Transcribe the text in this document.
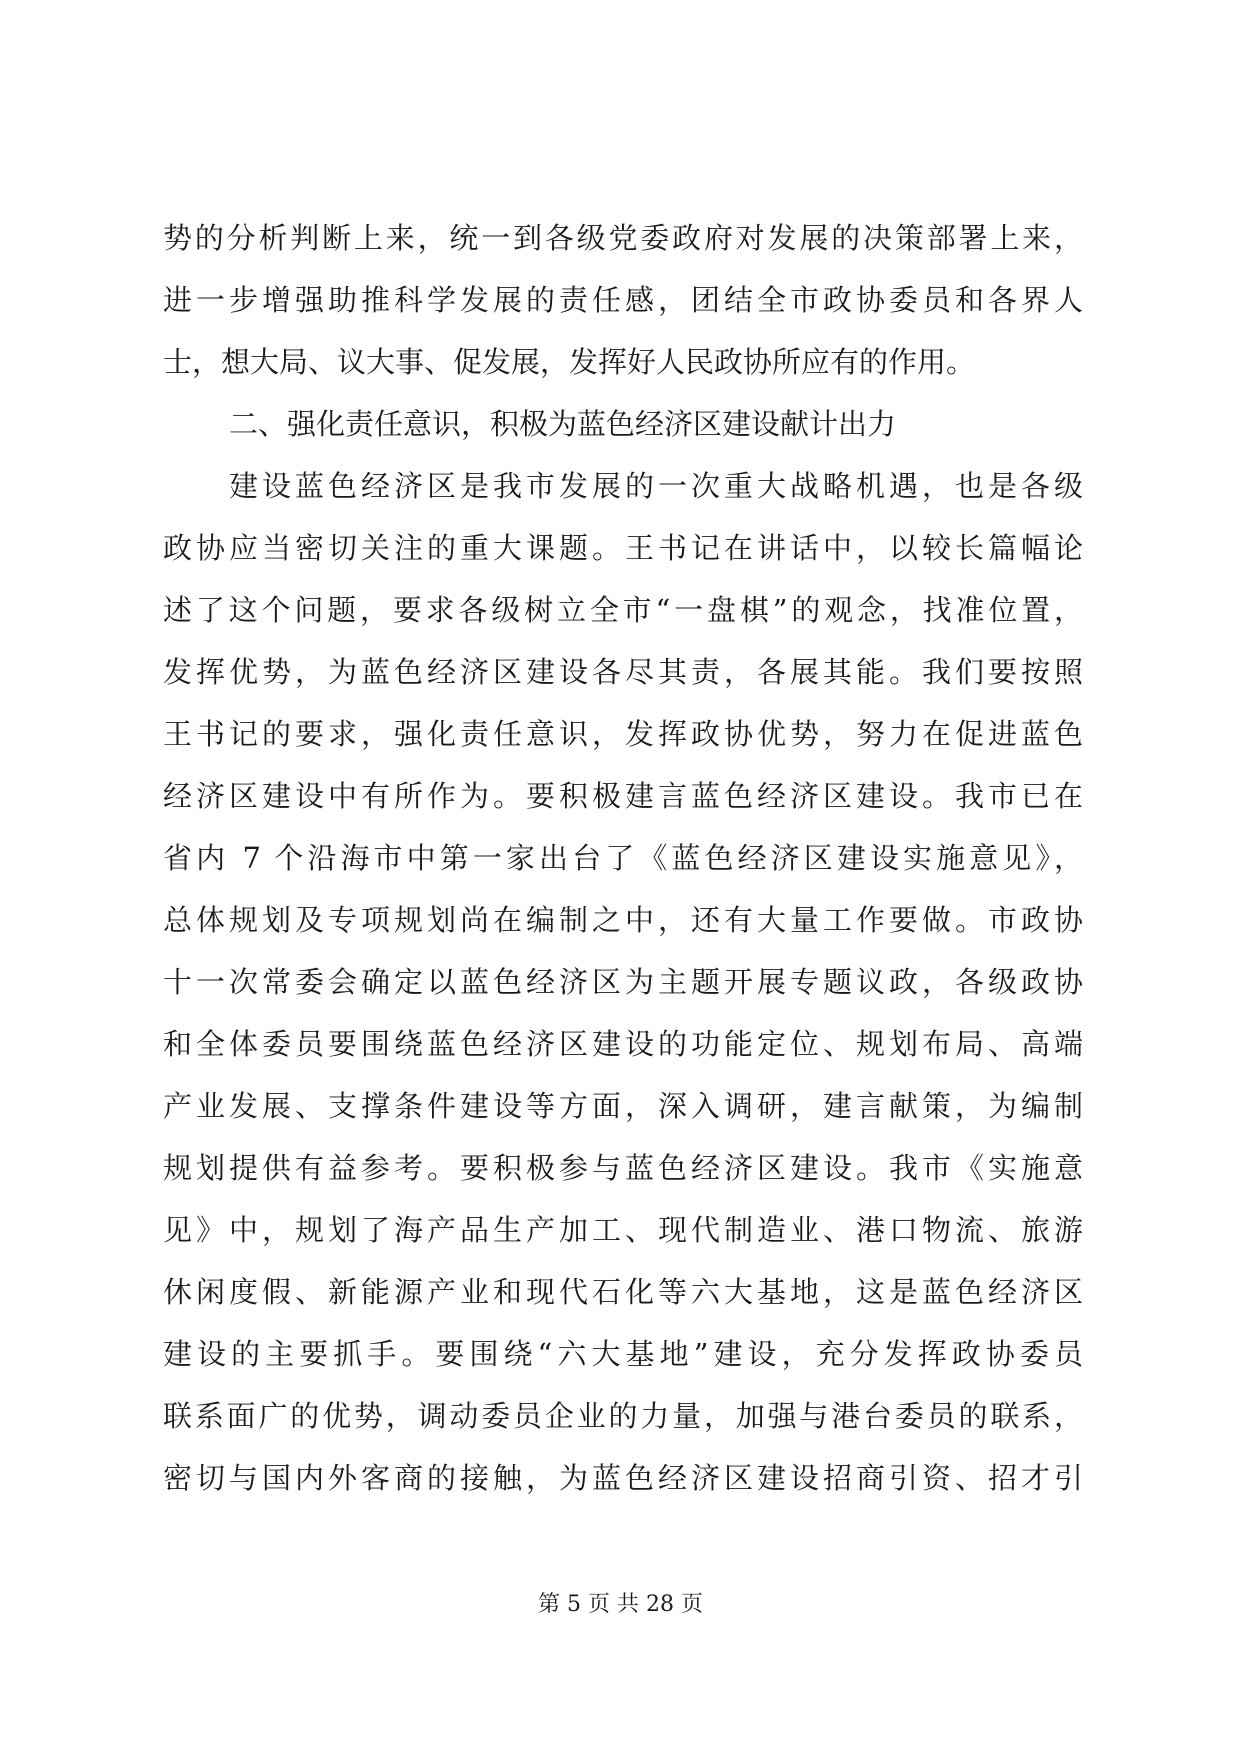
势的分析判断上来，统一到各级党委政府对发展的决策部署上来，
进一步增强助推科学发展的责任感，团结全市政协委员和各界人
士，想大局、议大事、促发展，发挥好人民政协所应有的作用。
二、强化责任意识，积极为蓝色经济区建设献计出力
建设蓝色经济区是我市发展的一次重大战略机遇，也是各级
政协应当密切关注的重大课题。王书记在讲话中，以较长篇幅论
述了这个问题，要求各级树立全市“一盘棋”的观念，找准位置，
发挥优势，为蓝色经济区建设各尽其责，各展其能。我们要按照
王书记的要求，强化责任意识，发挥政协优势，努力在促进蓝色
经济区建设中有所作为。要积极建言蓝色经济区建设。我市已在
省内 7 个沿海市中第一家出台了《蓝色经济区建设实施意见》，
总体规划及专项规划尚在编制之中，还有大量工作要做。市政协
十一次常委会确定以蓝色经济区为主题开展专题议政，各级政协
和全体委员要围绕蓝色经济区建设的功能定位、规划布局、高端
产业发展、支撑条件建设等方面，深入调研，建言献策，为编制
规划提供有益参考。要积极参与蓝色经济区建设。我市《实施意
见》中，规划了海产品生产加工、现代制造业、港口物流、旅游
休闲度假、新能源产业和现代石化等六大基地，这是蓝色经济区
建设的主要抓手。要围绕“六大基地”建设，充分发挥政协委员
联系面广的优势，调动委员企业的力量，加强与港台委员的联系，
密切与国内外客商的接触，为蓝色经济区建设招商引资、招才引
第 5 页 共 28 页
